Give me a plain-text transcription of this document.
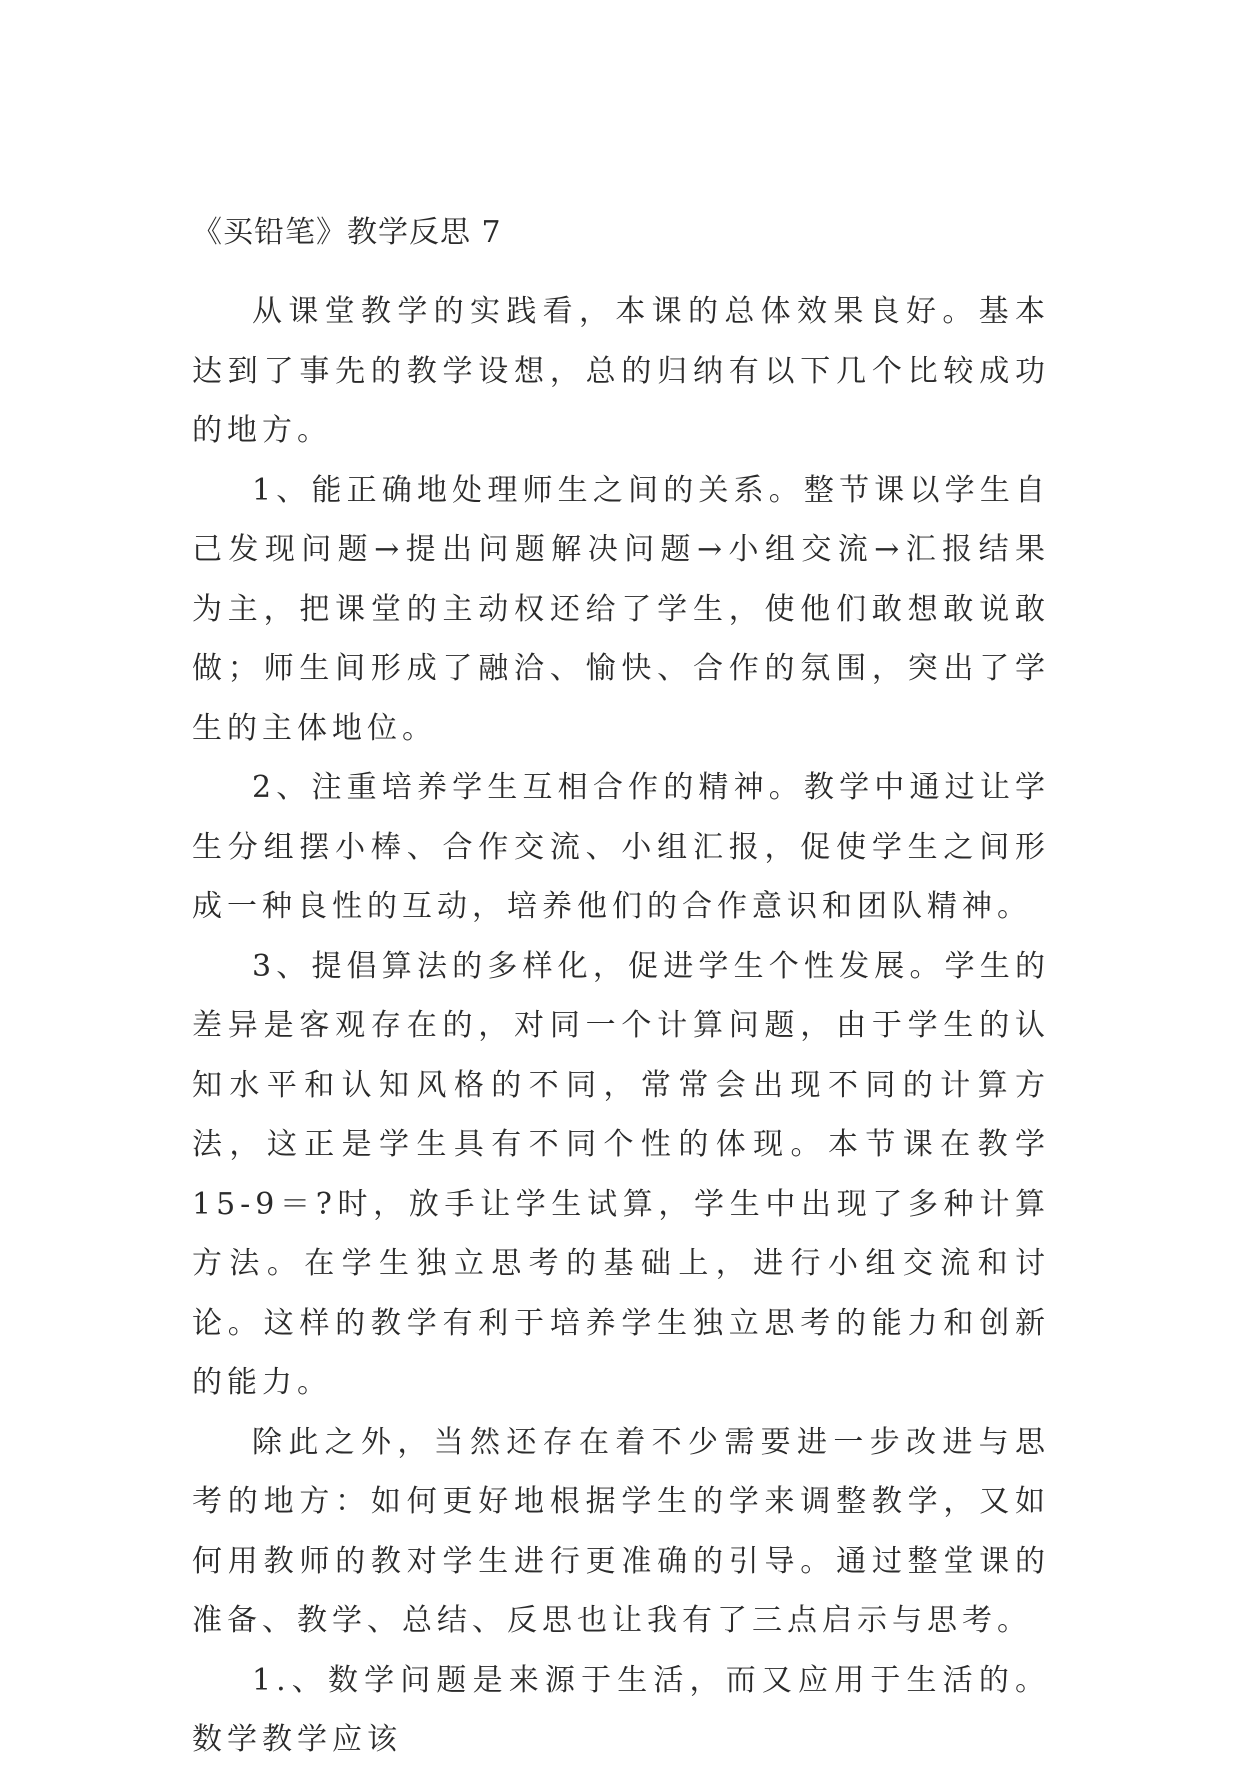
《买铅笔》教学反思 7

从课堂教学的实践看，本课的总体效果良好。基本达到了事先的教学设想，总的归纳有以下几个比较成功的地方。

1、能正确地处理师生之间的关系。整节课以学生自己发现问题→提出问题解决问题→小组交流→汇报结果为主，把课堂的主动权还给了学生，使他们敢想敢说敢做；师生间形成了融洽、愉快、合作的氛围，突出了学生的主体地位。

2、注重培养学生互相合作的精神。教学中通过让学生分组摆小棒、合作交流、小组汇报，促使学生之间形成一种良性的互动，培养他们的合作意识和团队精神。

3、提倡算法的多样化，促进学生个性发展。学生的差异是客观存在的，对同一个计算问题，由于学生的认知水平和认知风格的不同，常常会出现不同的计算方法，这正是学生具有不同个性的体现。本节课在教学 15-9＝?时，放手让学生试算，学生中出现了多种计算方法。在学生独立思考的基础上，进行小组交流和讨论。这样的教学有利于培养学生独立思考的能力和创新的能力。

除此之外，当然还存在着不少需要进一步改进与思考的地方：如何更好地根据学生的学来调整教学，又如何用教师的教对学生进行更准确的引导。通过整堂课的准备、教学、总结、反思也让我有了三点启示与思考。

1.、数学问题是来源于生活，而又应用于生活的。数学教学应该
